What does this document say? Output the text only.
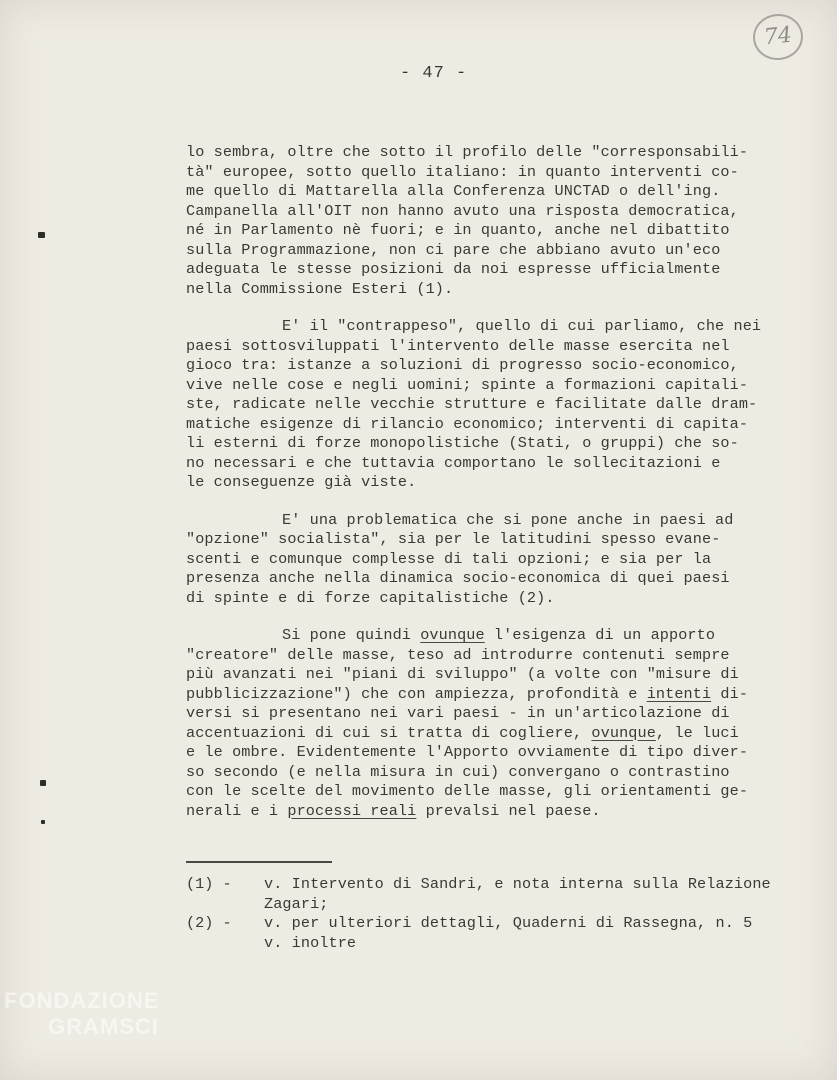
74
- 47 -
lo sembra, oltre che sotto il profilo delle "corresponsabili-
tà" europee, sotto quello italiano: in quanto interventi co-
me quello di Mattarella alla Conferenza UNCTAD o dell'ing.
Campanella all'OIT non hanno avuto una risposta democratica,
né in Parlamento nè fuori; e in quanto, anche nel dibattito
sulla Programmazione, non ci pare che abbiano avuto un'eco
adeguata le stesse posizioni da noi espresse ufficialmente
nella Commissione Esteri (1).
E' il "contrappeso", quello di cui parliamo, che nei
paesi sottosviluppati l'intervento delle masse esercita nel
gioco tra: istanze a soluzioni di progresso socio-economico,
vive nelle cose e negli uomini; spinte a formazioni capitali-
ste, radicate nelle vecchie strutture e facilitate dalle dram-
matiche esigenze di rilancio economico; interventi di capita-
li esterni di forze monopolistiche (Stati, o gruppi) che so-
no necessari e che tuttavia comportano le sollecitazioni e
le conseguenze già viste.
E' una problematica che si pone anche in paesi ad
"opzione" socialista", sia per le latitudini spesso evane-
scenti e comunque complesse di tali opzioni; e sia per la
presenza anche nella dinamica socio-economica di quei paesi
di spinte e di forze capitalistiche (2).
Si pone quindi ovunque l'esigenza di un apporto
"creatore" delle masse, teso ad introdurre contenuti sempre
più avanzati nei "piani di sviluppo" (a volte con "misure di
pubblicizzazione") che con ampiezza, profondità e intenti di-
versi si presentano nei vari paesi - in un'articolazione di
accentuazioni di cui si tratta di cogliere, ovunque, le luci
e le ombre. Evidentemente l'Apporto ovviamente di tipo diver-
so secondo (e nella misura in cui) convergano o contrastino
con le scelte del movimento delle masse, gli orientamenti ge-
nerali e i processi reali prevalsi nel paese.
(1) -	v. Intervento di Sandri, e nota interna sulla Relazione
Zagari;
(2) -	v. per ulteriori dettagli, Quaderni di Rassegna, n. 5
v. inoltre
FONDAZIONE
GRAMSCI
